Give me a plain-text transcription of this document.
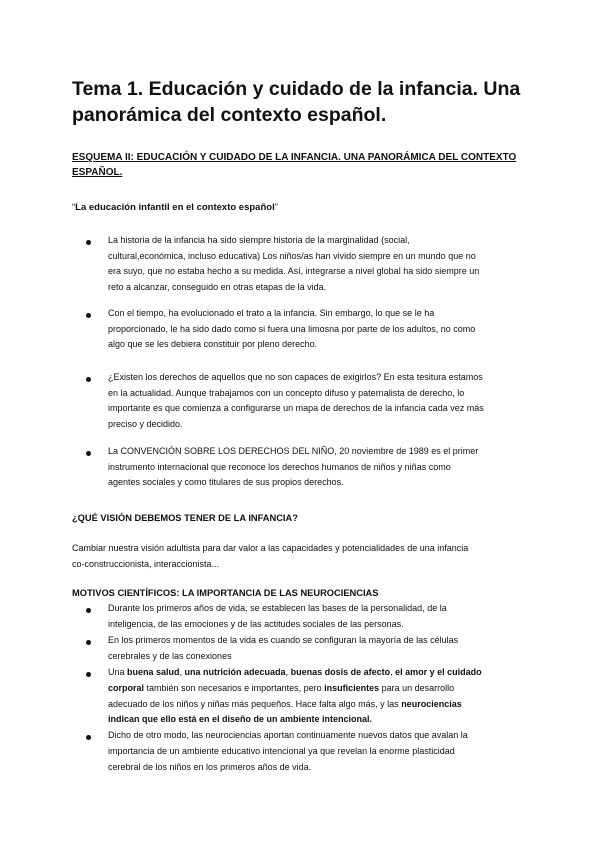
Tema 1. Educación y cuidado de la infancia. Una
panorámica del contexto español.
ESQUEMA II: EDUCACIÓN Y CUIDADO DE LA INFANCIA. UNA PANORÁMICA DEL CONTEXTO
ESPAÑOL.
“La educación infantil en el contexto español”
La historia de la infancia ha sido siempre historia de la marginalidad (social,
cultural,económica, incluso educativa) Los niños/as han vivido siempre en un mundo que no
era suyo, que no estaba hecho a su medida. Así, integrarse a nivel global ha sido siempre un
reto a alcanzar, conseguido en otras etapas de la vida.
Con el tiempo, ha evolucionado el trato a la infancia. Sin embargo, lo que se le ha
proporcionado, le ha sido dado como si fuera una limosna por parte de los adultos, no como
algo que se les debiera constituir por pleno derecho.
¿Existen los derechos de aquellos que no son capaces de exigirlos? En esta tesitura estamos
en la actualidad. Aunque trabajamos con un concepto difuso y paternalista de derecho, lo
importante es que comienza a configurarse un mapa de derechos de la infancia cada vez más
preciso y decidido.
La CONVENCIÓN SOBRE LOS DERECHOS DEL NIÑO, 20 noviembre de 1989 es el primer
instrumento internacional que reconoce los derechos humanos de niños y niñas como
agentes sociales y como titulares de sus propios derechos.
¿QUÉ VISIÓN DEBEMOS TENER DE LA INFANCIA?
Cambiar nuestra visión adultista para dar valor a las capacidades y potencialidades de una infancia
co-construccionista, interaccionista...
MOTIVOS CIENTÍFICOS: LA IMPORTANCIA DE LAS NEUROCIENCIAS
Durante los primeros años de vida, se establecen las bases de la personalidad, de la
inteligencia, de las emociones y de las actitudes sociales de las personas.
En los primeros momentos de la vida es cuando se configuran la mayoría de las células
cerebrales y de las conexiones
Una buena salud, una nutrición adecuada, buenas dosis de afecto, el amor y el cuidado
corporal también son necesarios e importantes, pero insuficientes para un desarrollo
adecuado de los niños y niñas más pequeños. Hace falta algo más, y las neurociencias
indican que ello está en el diseño de un ambiente intencional.
Dicho de otro modo, las neurociencias aportan continuamente nuevos datos que avalan la
importancia de un ambiente educativo intencional ya que revelan la enorme plasticidad
cerebral de los niños en los primeros años de vida.
